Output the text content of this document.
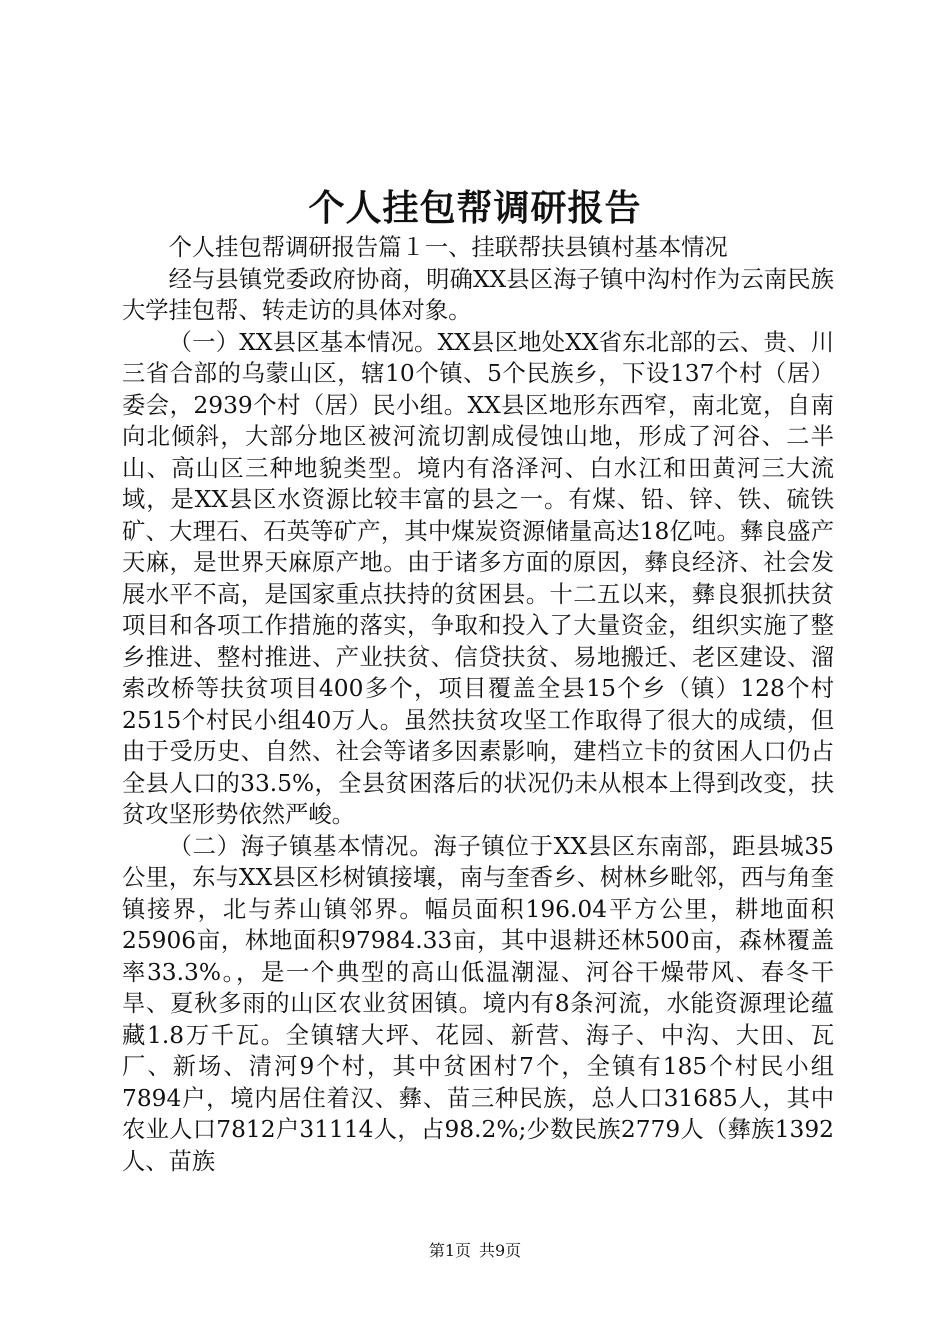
个人挂包帮调研报告

个人挂包帮调研报告篇１一、挂联帮扶县镇村基本情况

经与县镇党委政府协商，明确XX县区海子镇中沟村作为云南民族大学挂包帮、转走访的具体对象。

（一）XX县区基本情况。XX县区地处XX省东北部的云、贵、川三省合部的乌蒙山区，辖10个镇、5个民族乡，下设137个村（居）委会，2939个村（居）民小组。XX县区地形东西窄，南北宽，自南向北倾斜，大部分地区被河流切割成侵蚀山地，形成了河谷、二半山、高山区三种地貌类型。境内有洛泽河、白水江和田黄河三大流域，是XX县区水资源比较丰富的县之一。有煤、铅、锌、铁、硫铁矿、大理石、石英等矿产，其中煤炭资源储量高达18亿吨。彝良盛产天麻，是世界天麻原产地。由于诸多方面的原因，彝良经济、社会发展水平不高，是国家重点扶持的贫困县。十二五以来，彝良狠抓扶贫项目和各项工作措施的落实，争取和投入了大量资金，组织实施了整乡推进、整村推进、产业扶贫、信贷扶贫、易地搬迁、老区建设、溜索改桥等扶贫项目400多个，项目覆盖全县15个乡（镇）128个村2515个村民小组40万人。虽然扶贫攻坚工作取得了很大的成绩，但由于受历史、自然、社会等诸多因素影响，建档立卡的贫困人口仍占全县人口的33.5%，全县贫困落后的状况仍未从根本上得到改变，扶贫攻坚形势依然严峻。

（二）海子镇基本情况。海子镇位于XX县区东南部，距县城35公里，东与XX县区杉树镇接壤，南与奎香乡、树林乡毗邻，西与角奎镇接界，北与荞山镇邻界。幅员面积196.04平方公里，耕地面积25906亩，林地面积97984.33亩，其中退耕还林500亩，森林覆盖率33.3%。，是一个典型的高山低温潮湿、河谷干燥带风、春冬干旱、夏秋多雨的山区农业贫困镇。境内有8条河流，水能资源理论蕴藏1.8万千瓦。全镇辖大坪、花园、新营、海子、中沟、大田、瓦厂、新场、清河9个村，其中贫困村7个，全镇有185个村民小组7894户，境内居住着汉、彝、苗三种民族，总人口31685人，其中农业人口7812户31114人，占98.2%;少数民族2779人（彝族1392人、苗族

第1页 共9页
